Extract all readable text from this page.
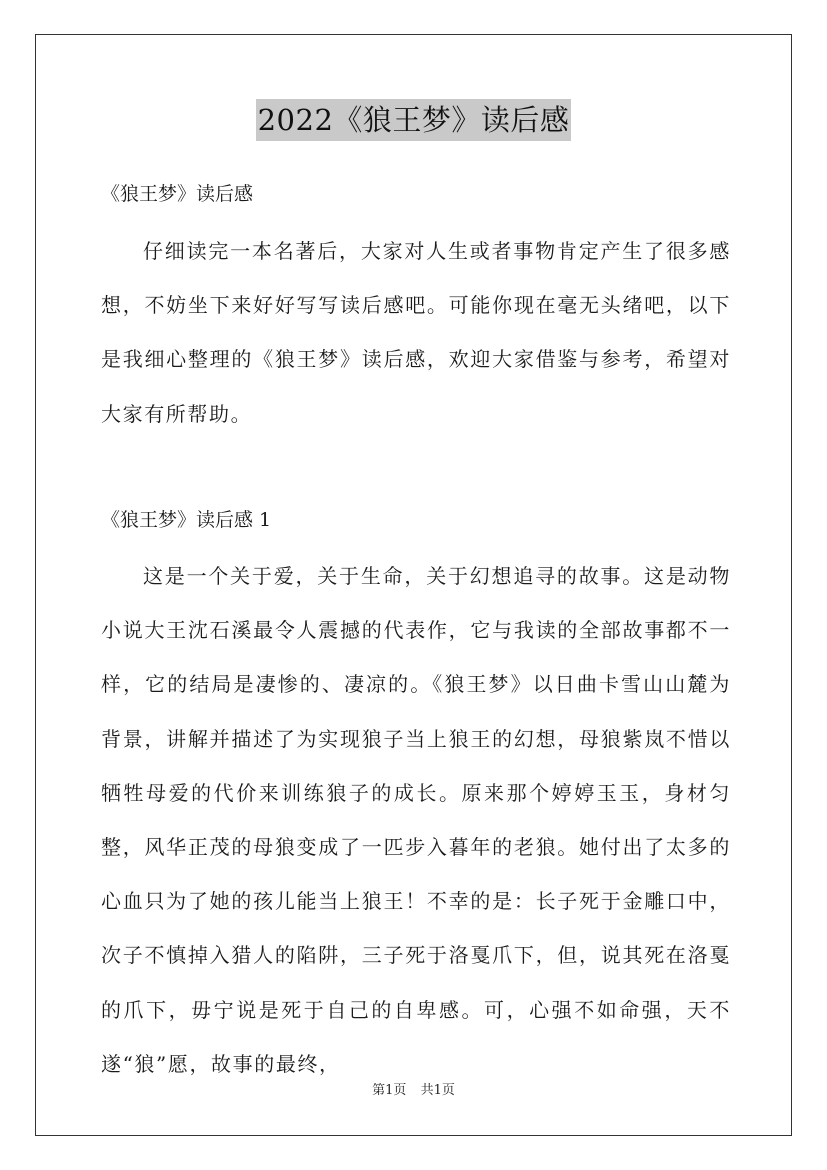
2022《狼王梦》读后感

《狼王梦》读后感

仔细读完一本名著后，大家对人生或者事物肯定产生了很多感想，不妨坐下来好好写写读后感吧。可能你现在毫无头绪吧，以下是我细心整理的《狼王梦》读后感，欢迎大家借鉴与参考，希望对大家有所帮助。

《狼王梦》读后感 1

这是一个关于爱，关于生命，关于幻想追寻的故事。这是动物小说大王沈石溪最令人震撼的代表作，它与我读的全部故事都不一样，它的结局是凄惨的、凄凉的。《狼王梦》以日曲卡雪山山麓为背景，讲解并描述了为实现狼子当上狼王的幻想，母狼紫岚不惜以牺牲母爱的代价来训练狼子的成长。原来那个婷婷玉玉，身材匀整，风华正茂的母狼变成了一匹步入暮年的老狼。她付出了太多的心血只为了她的孩儿能当上狼王！不幸的是：长子死于金雕口中，次子不慎掉入猎人的陷阱，三子死于洛戛爪下，但，说其死在洛戛的爪下，毋宁说是死于自己的自卑感。可，心强不如命强，天不遂“狼”愿，故事的最终，

第1页 共1页
